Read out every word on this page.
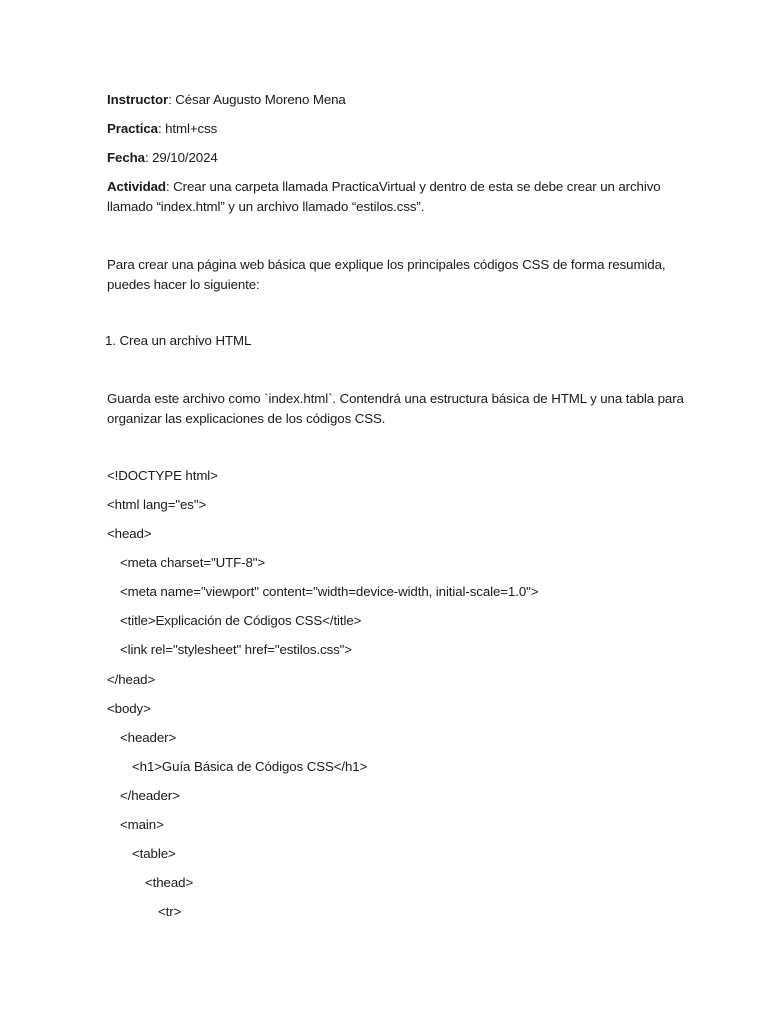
Instructor: César Augusto Moreno Mena
Practica: html+css
Fecha: 29/10/2024
Actividad: Crear una carpeta llamada PracticaVirtual y dentro de esta se debe crear un archivo
llamado “index.html” y un archivo llamado “estilos.css”.
Para crear una página web básica que explique los principales códigos CSS de forma resumida,
puedes hacer lo siguiente:
1. Crea un archivo HTML
Guarda este archivo como `index.html`. Contendrá una estructura básica de HTML y una tabla para
organizar las explicaciones de los códigos CSS.
<!DOCTYPE html>
<html lang="es">
<head>
<meta charset="UTF-8">
<meta name="viewport" content="width=device-width, initial-scale=1.0">
<title>Explicación de Códigos CSS</title>
<link rel="stylesheet" href="estilos.css">
</head>
<body>
<header>
<h1>Guía Básica de Códigos CSS</h1>
</header>
<main>
<table>
<thead>
<tr>
